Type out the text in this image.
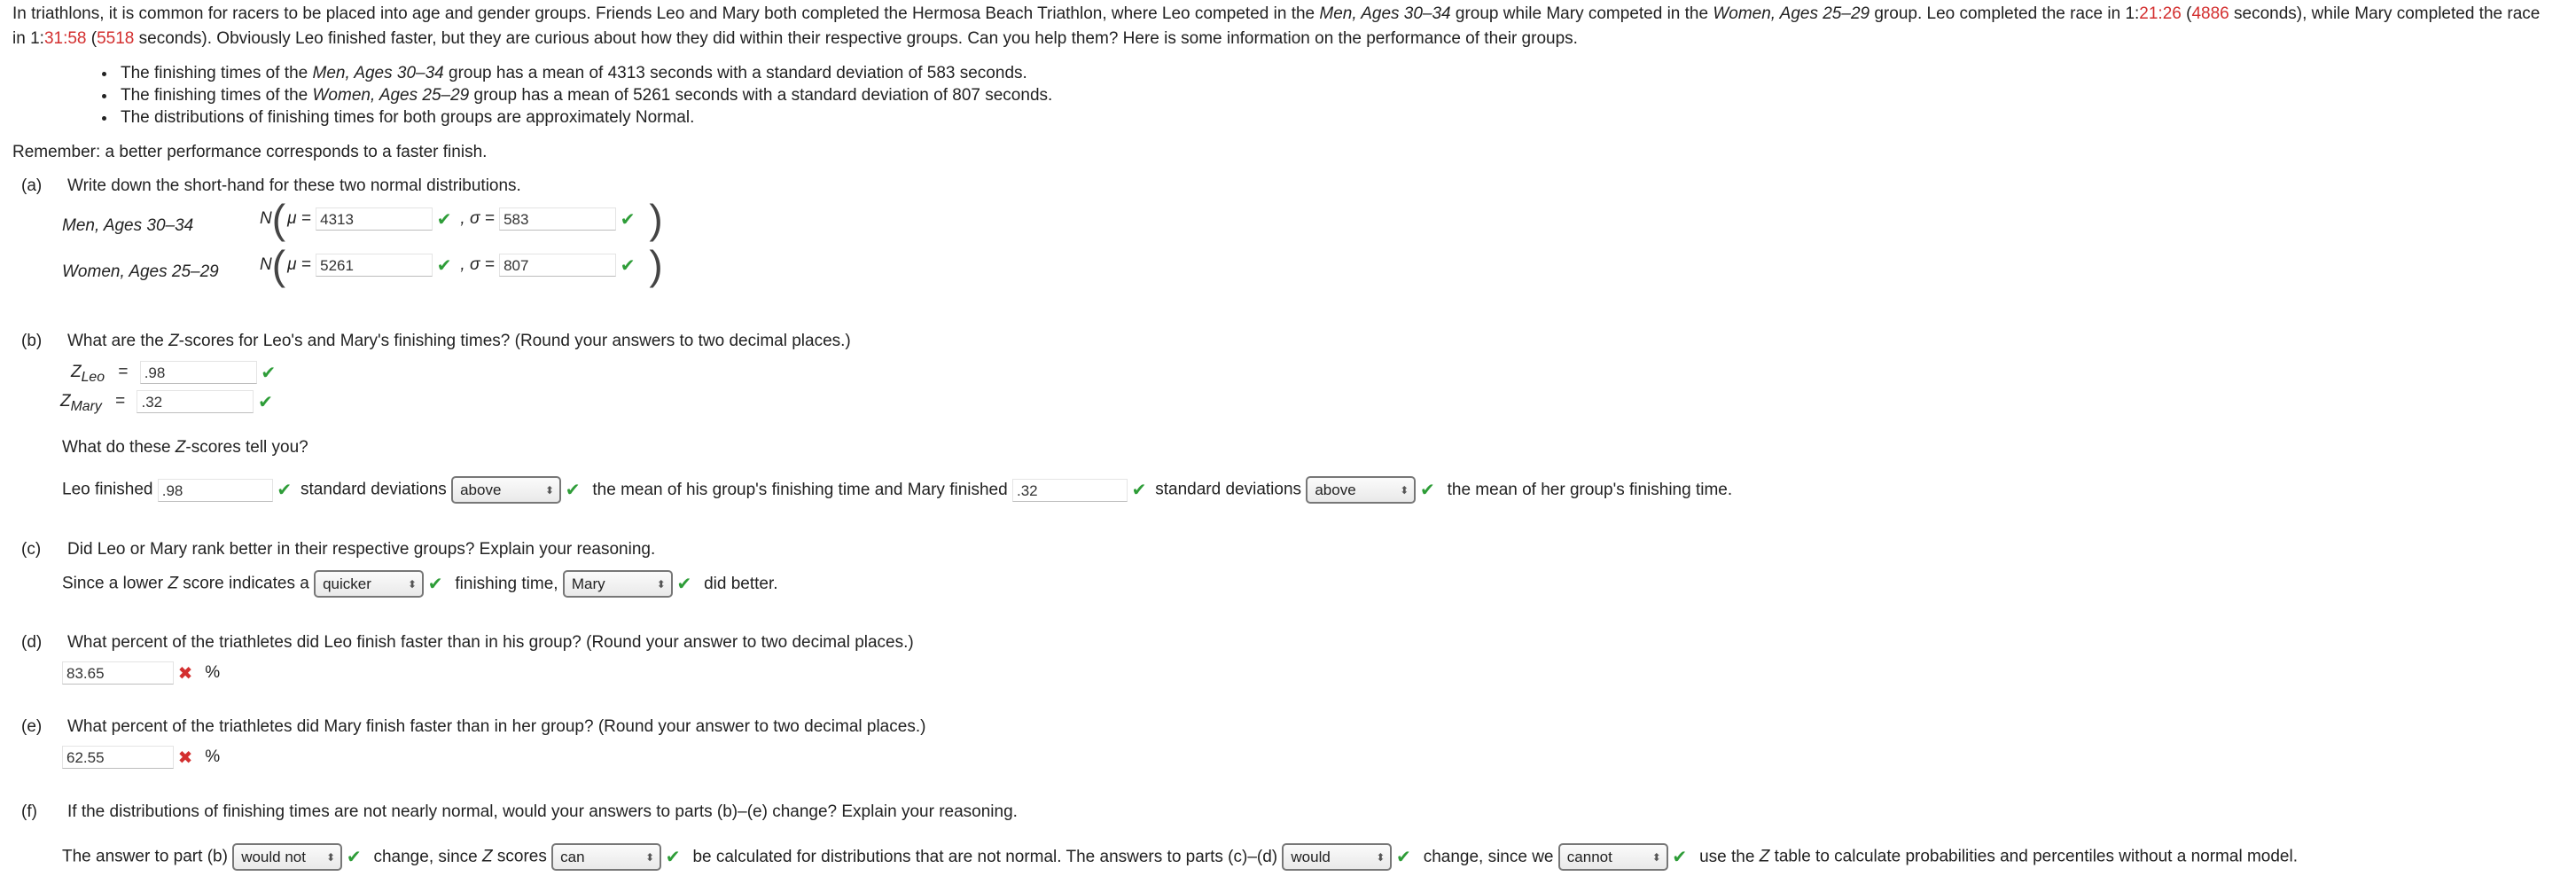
In triathlons, it is common for racers to be placed into age and gender groups. Friends Leo and Mary both completed the Hermosa Beach Triathlon, where Leo competed in the Men, Ages 30–34 group while Mary competed in the Women, Ages 25–29 group. Leo completed the race in 1:21:26 (4886 seconds), while Mary completed the race in 1:31:58 (5518 seconds). Obviously Leo finished faster, but they are curious about how they did within their respective groups. Can you help them? Here is some information on the performance of their groups.
• The finishing times of the Men, Ages 30–34 group has a mean of 4313 seconds with a standard deviation of 583 seconds.
• The finishing times of the Women, Ages 25–29 group has a mean of 5261 seconds with a standard deviation of 807 seconds.
• The distributions of finishing times for both groups are approximately Normal.
Remember: a better performance corresponds to a faster finish.
(a) Write down the short-hand for these two normal distributions.
Men, Ages 30–34	N( μ = 4313	✔ , σ = 583	✔ )
Women, Ages 25–29 N( μ = 5261	✔ , σ = 807	✔ )
(b) What are the Z-scores for Leo's and Mary's finishing times? (Round your answers to two decimal places.)
$Z_{Leo} = .98$	✔
$Z_{Mary} = .32$	✔
What do these Z-scores tell you?
Leo finished .98	✔ standard deviations above	⬍ ✔ the mean of his group's finishing time and Mary finished .32	✔ standard deviations above	⬍ ✔ the mean of her group's finishing time.
(c) Did Leo or Mary rank better in their respective groups? Explain your reasoning.
Since a lower Z score indicates a quicker	⬍ ✔ finishing time, Mary	⬍ ✔ did better.
(d) What percent of the triathletes did Leo finish faster than in his group? (Round your answer to two decimal places.)
83.65	✖ %
(e) What percent of the triathletes did Mary finish faster than in her group? (Round your answer to two decimal places.)
62.55	✖ %
(f) If the distributions of finishing times are not nearly normal, would your answers to parts (b)–(e) change? Explain your reasoning.
The answer to part (b) would not ⬍ ✔ change, since Z scores can	⬍ ✔ be calculated for distributions that are not normal. The answers to parts (c)–(d) would	⬍ ✔ change, since we cannot	⬍ ✔ use the Z table to calculate probabilities and percentiles without a normal model.
